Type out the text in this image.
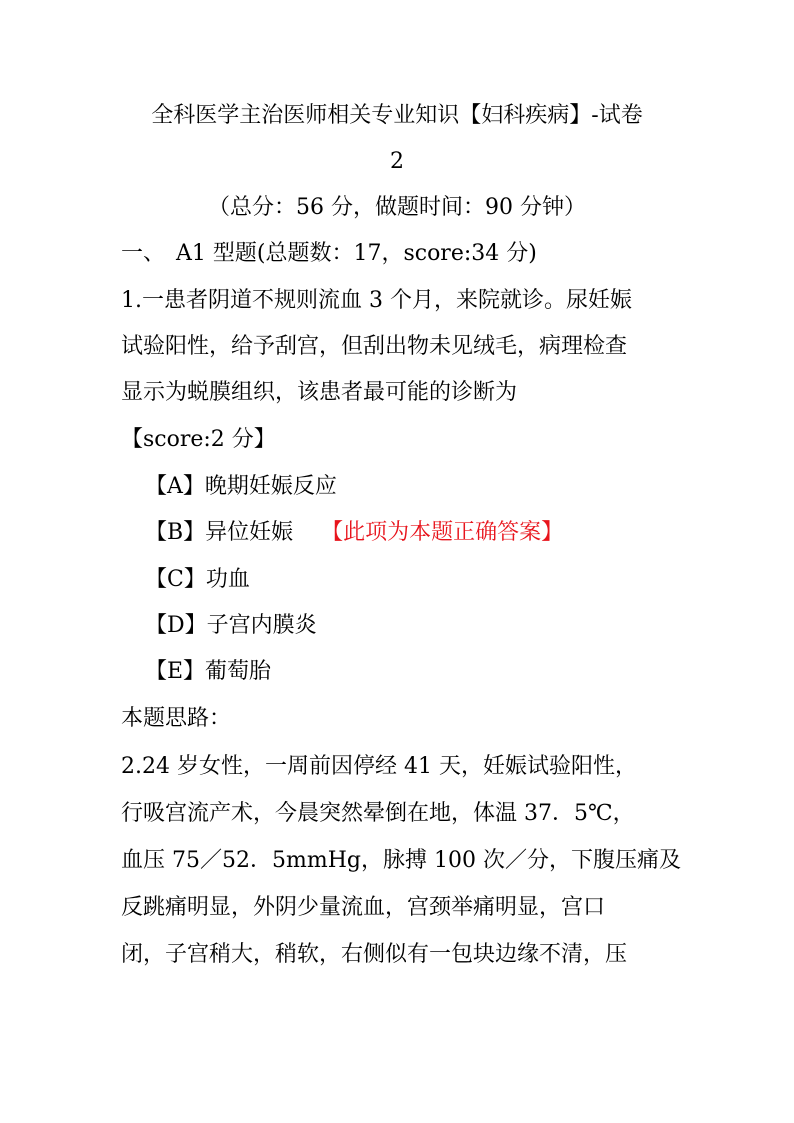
全科医学主治医师相关专业知识【妇科疾病】-试卷
2
（总分：56 分，做题时间：90 分钟）
一、　A1 型题(总题数：17，score:34 分)
1.一患者阴道不规则流血 3 个月，来院就诊。尿妊娠
试验阳性，给予刮宫，但刮出物未见绒毛，病理检查
显示为蜕膜组织，该患者最可能的诊断为
【score:2 分】
【A】晚期妊娠反应
【B】异位妊娠 【此项为本题正确答案】
【C】功血
【D】子宫内膜炎
【E】葡萄胎
本题思路：
2.24 岁女性，一周前因停经 41 天，妊娠试验阳性，
行吸宫流产术，今晨突然晕倒在地，体温 37．5℃，
血压 75／52．5mmHg，脉搏 100 次／分，下腹压痛及
反跳痛明显，外阴少量流血，宫颈举痛明显，宫口
闭，子宫稍大，稍软，右侧似有一包块边缘不清，压
